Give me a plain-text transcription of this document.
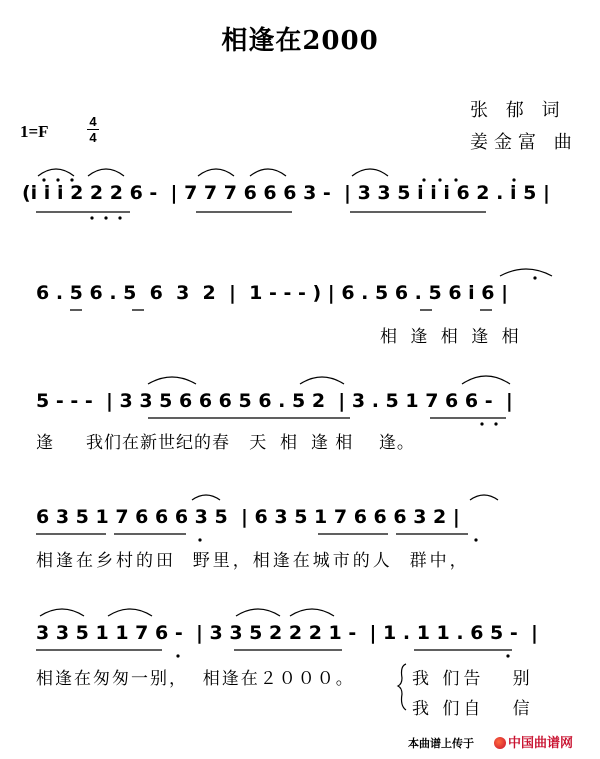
相逢在2000
张 郁 词
姜金富 曲
1=F
4
4
(i i i 2 2 2 6 -  | 7 7 7 6 6 6 3 -  | 3 3 5 i i i 6 2 . i 5 |
6 . 5 6 . 5  6  3  2  |  1 - - - ) | 6 . 5 6 . 5 6 i 6 |
相 逢 相 逢 相
5 - - -  | 3 3 5 6 6 6 5 6 . 5 2  | 3 . 5 1 7 6 6 -  |
逢     我们在新世纪的春   天  相  逢 相    逢。
6 3 5 1 7 6 6 6 3 5  | 6 3 5 1 7 6 6 6 3 2 |
相逢在乡村的田  野里，相逢在城市的人  群中，
3 3 5 1 1 7 6 -  | 3 3 5 2 2 2 1 -  | 1 . 1 1 . 6 5 -  |
相逢在匆匆一别，  相逢在２０００。	我 们告   别
我 们自   信
本曲谱上传于	中国曲谱网
